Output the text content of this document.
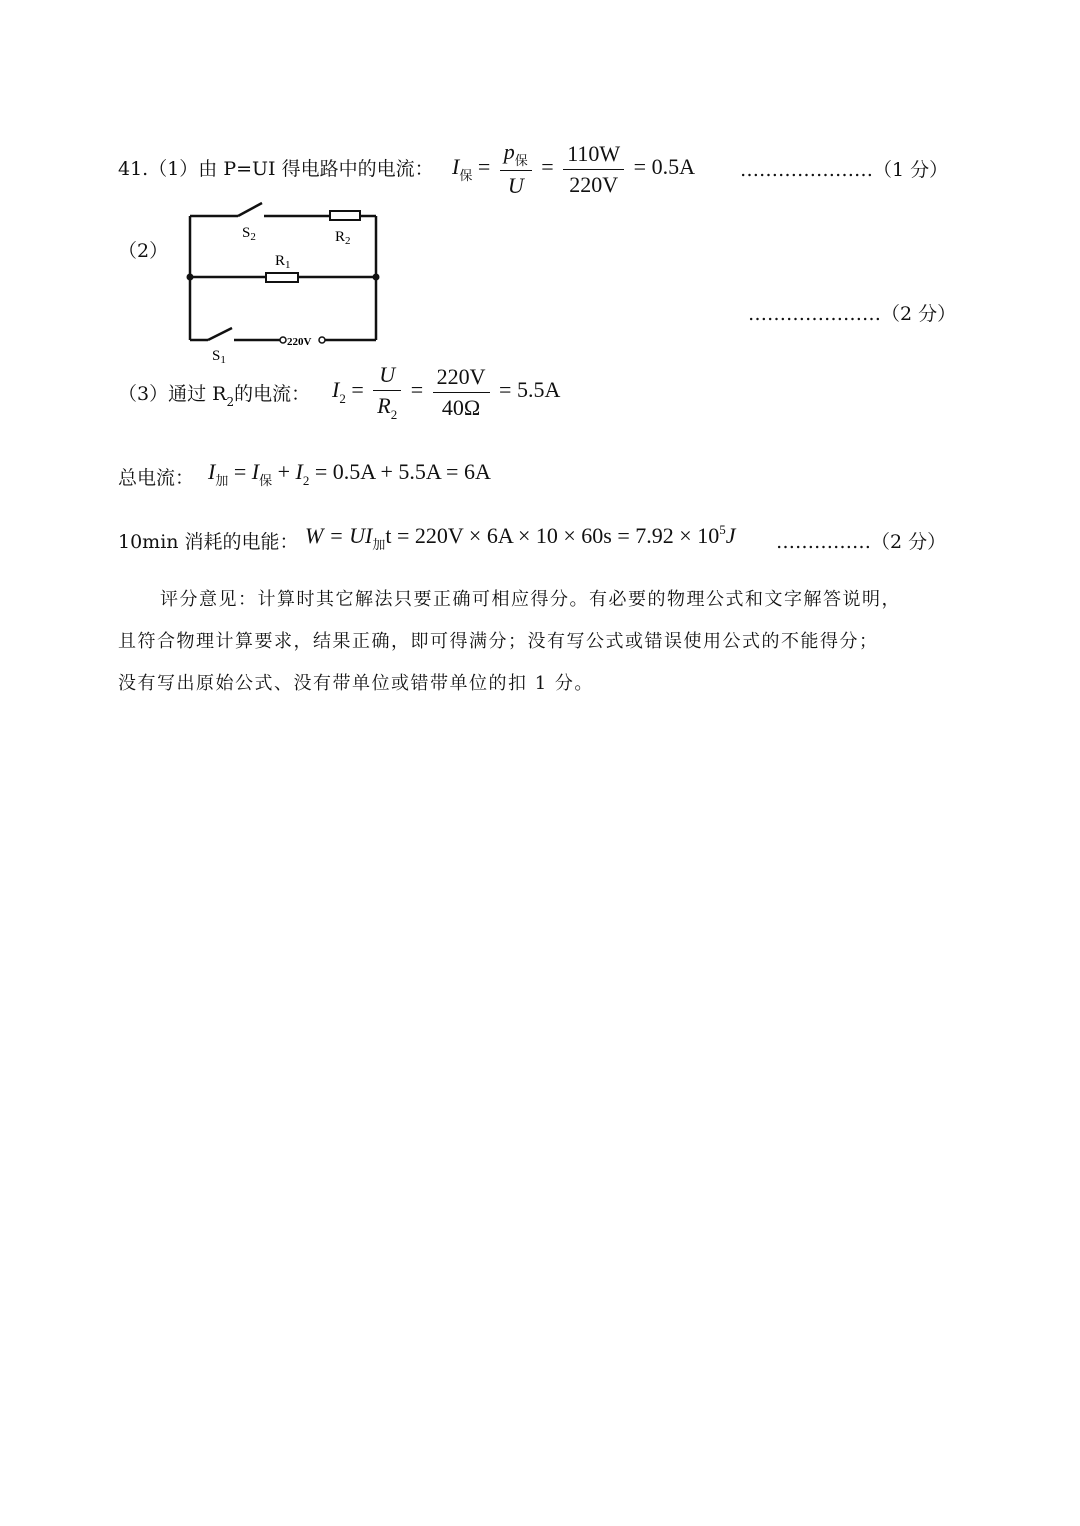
41.（1）由 P=UI 得电路中的电流： $I_保 = \frac{p_保}{U} = \frac{110W}{220V} = 0.5A$ …………………（1 分）
（2）
$S_2$	$R_2$
$R_1$
$S_1$
220V
…………………（2 分）
（3）通过 $R_2$的电流： $I_2 = \frac{U}{R_2} = \frac{220V}{40\Omega} = 5.5A$
总电流： $I_加 = I_保 + I_2 = 0.5A + 5.5A = 6A$
10min 消耗的电能： $W = UI_加t = 220V \times 6A \times 10 \times 60s = 7.92 \times 10^5J$ ……………（2 分）
评分意见：计算时其它解法只要正确可相应得分。有必要的物理公式和文字解答说明，
且符合物理计算要求，结果正确，即可得满分；没有写公式或错误使用公式的不能得分；
没有写出原始公式、没有带单位或错带单位的扣 1 分。
